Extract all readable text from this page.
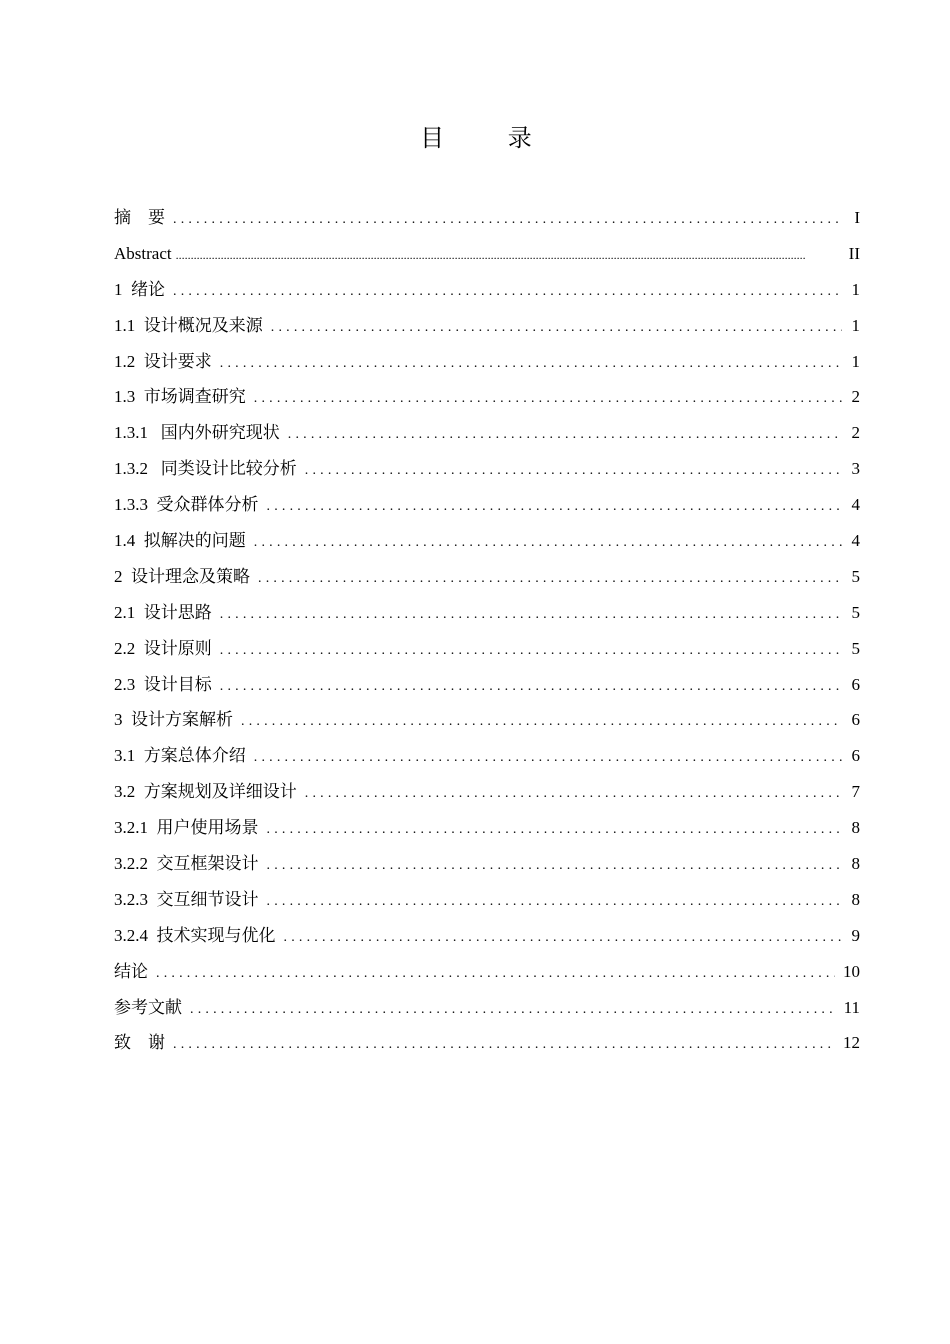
目 录
摘    要 .....	I
Abstract .....	II
1  绪论 .....	1
1.1  设计概况及来源 .....	1
1.2  设计要求 .....	1
1.3  市场调查研究 .....	2
1.3.1   国内外研究现状 .....	2
1.3.2   同类设计比较分析 .....	3
1.3.3  受众群体分析 .....	4
1.4  拟解决的问题 .....	4
2  设计理念及策略 .....	5
2.1  设计思路 .....	5
2.2  设计原则 .....	5
2.3  设计目标 .....	6
3  设计方案解析 .....	6
3.1  方案总体介绍 .....	6
3.2  方案规划及详细设计 .....	7
3.2.1  用户使用场景 .....	8
3.2.2  交互框架设计 .....	8
3.2.3  交互细节设计 .....	8
3.2.4  技术实现与优化 .....	9
结论 .....	10
参考文献 .....	11
致    谢 .....	12
